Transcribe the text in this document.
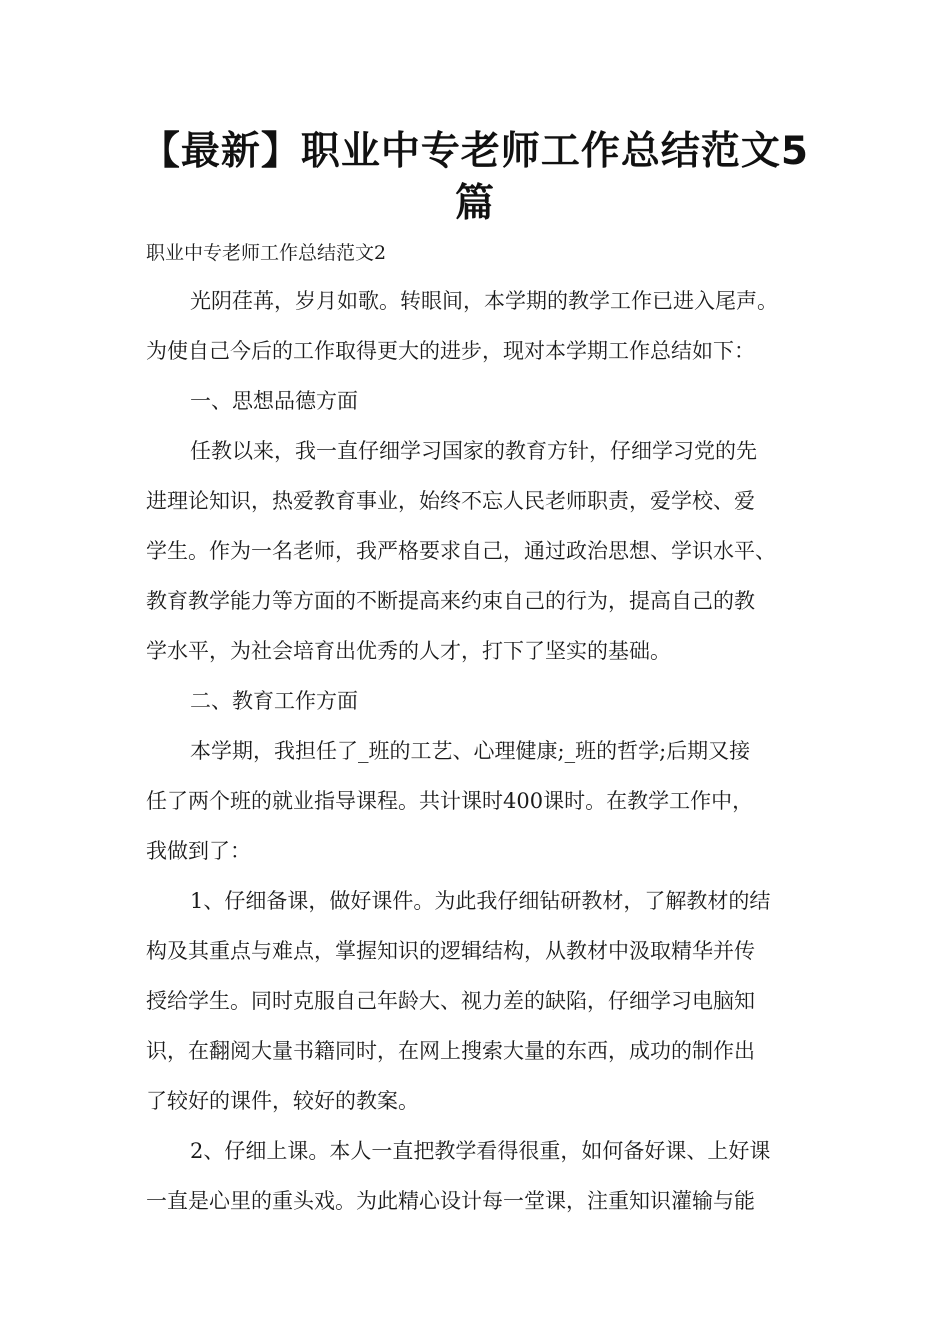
【最新】职业中专老师工作总结范文5
篇

职业中专老师工作总结范文2

光阴荏苒，岁月如歌。转眼间，本学期的教学工作已进入尾声。

为使自己今后的工作取得更大的进步，现对本学期工作总结如下：

一、思想品德方面

任教以来，我一直仔细学习国家的教育方针，仔细学习党的先

进理论知识，热爱教育事业，始终不忘人民老师职责，爱学校、爱

学生。作为一名老师，我严格要求自己，通过政治思想、学识水平、

教育教学能力等方面的不断提高来约束自己的行为，提高自己的教

学水平，为社会培育出优秀的人才，打下了坚实的基础。

二、教育工作方面

本学期，我担任了_班的工艺、心理健康;_班的哲学;后期又接

任了两个班的就业指导课程。共计课时400课时。在教学工作中，

我做到了：

1、仔细备课，做好课件。为此我仔细钻研教材，了解教材的结

构及其重点与难点，掌握知识的逻辑结构，从教材中汲取精华并传

授给学生。同时克服自己年龄大、视力差的缺陷，仔细学习电脑知

识，在翻阅大量书籍同时，在网上搜索大量的东西，成功的制作出

了较好的课件，较好的教案。

2、仔细上课。本人一直把教学看得很重，如何备好课、上好课

一直是心里的重头戏。为此精心设计每一堂课，注重知识灌输与能
